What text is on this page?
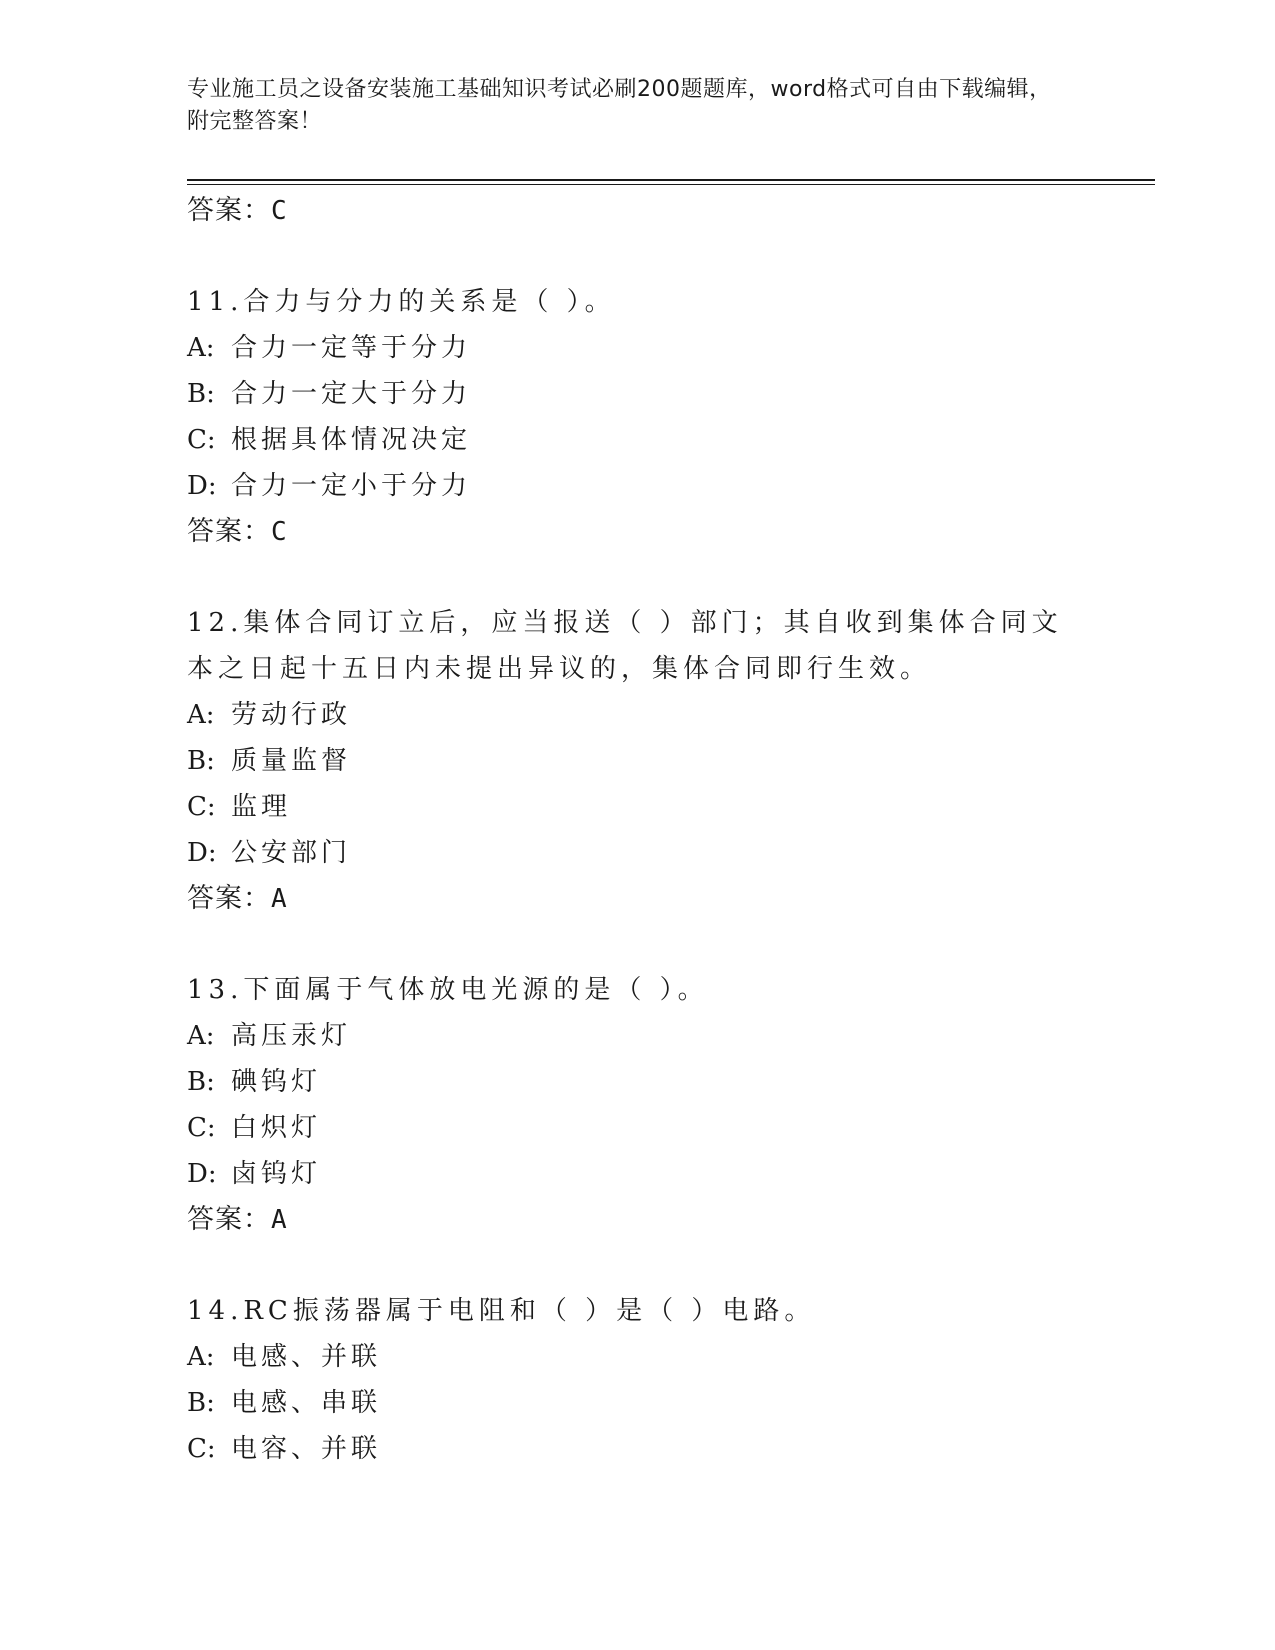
专业施工员之设备安装施工基础知识考试必刷200题题库，word格式可自由下载编辑，附完整答案！
答案：C
11.合力与分力的关系是（ ）。
A: 合力一定等于分力
B: 合力一定大于分力
C: 根据具体情况决定
D: 合力一定小于分力
答案：C
12.集体合同订立后，应当报送（ ）部门；其自收到集体合同文本之日起十五日内未提出异议的，集体合同即行生效。
A: 劳动行政
B: 质量监督
C: 监理
D: 公安部门
答案：A
13.下面属于气体放电光源的是（ ）。
A: 高压汞灯
B: 碘钨灯
C: 白炽灯
D: 卤钨灯
答案：A
14.RC振荡器属于电阻和（ ）是（ ）电路。
A: 电感、并联
B: 电感、串联
C: 电容、并联
